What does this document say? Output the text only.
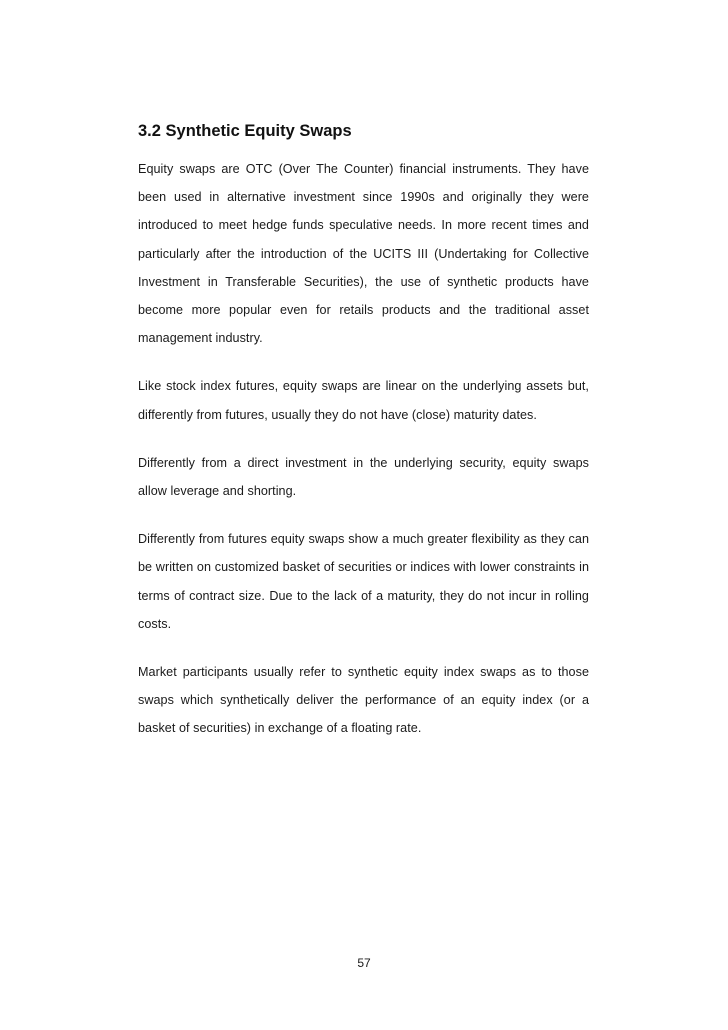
3.2 Synthetic Equity Swaps

Equity swaps are OTC (Over The Counter) financial instruments. They have been used in alternative investment since 1990s and originally they were introduced to meet hedge funds speculative needs. In more recent times and particularly after the introduction of the UCITS III (Undertaking for Collective Investment in Transferable Securities), the use of synthetic products have become more popular even for retails products and the traditional asset management industry.

Like stock index futures, equity swaps are linear on the underlying assets but, differently from futures, usually they do not have (close) maturity dates.

Differently from a direct investment in the underlying security, equity swaps allow leverage and shorting.

Differently from futures equity swaps show a much greater flexibility as they can be written on customized basket of securities or indices with lower constraints in terms of contract size. Due to the lack of a maturity, they do not incur in rolling costs.

Market participants usually refer to synthetic equity index swaps as to those swaps which synthetically deliver the performance of an equity index (or a basket of securities) in exchange of a floating rate.

57
